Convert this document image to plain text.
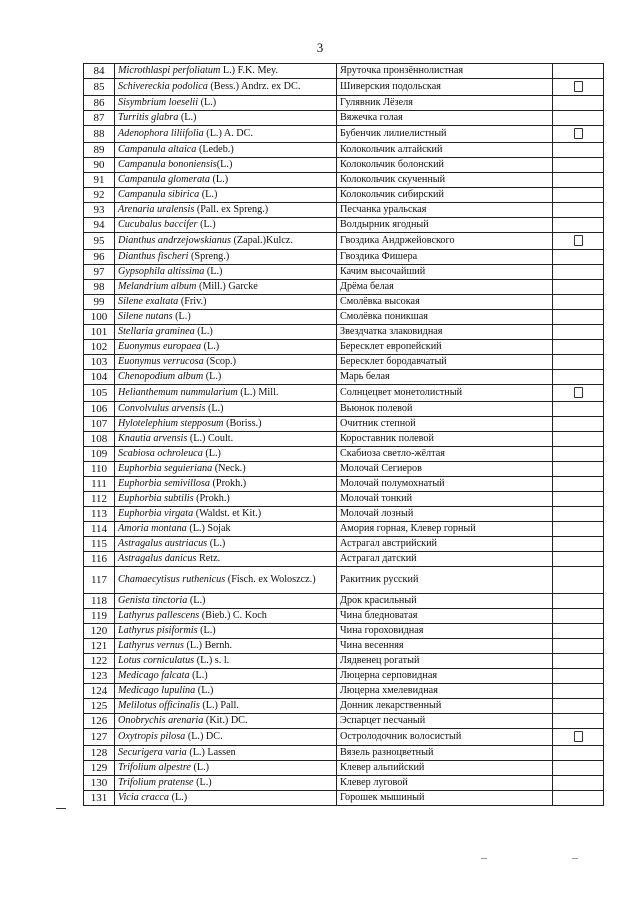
3
84	Microthlaspi perfoliatum L.) F.K. Mey.	Ярутoчка пронзённолистная	
85	Schivereckia podolica (Bess.) Andrz. ex DC.	Шиверския подольская	
86	Sisymbrium loeselii (L.)	Гулявник Лёзеля	
87	Turritis glabra (L.)	Вяжечка голая	
88	Adenophora liliifolia (L.) A. DC.	Бубенчик лилиелистный	
89	Campanula altaica (Ledeb.)	Колокольчик алтайский	
90	Campanula bononiensis(L.)	Колокольчик болонский	
91	Campanula glomerata (L.)	Колокольчик скученный	
92	Campanula sibirica (L.)	Колокольчик сибирский	
93	Arenaria uralensis (Pall. ex Spreng.)	Песчанка уральская	
94	Cucubalus baccifer (L.)	Волдырник ягодный	
95	Dianthus andrzejowskianus (Zapal.)Kulcz.	Гвоздика Андржейовского	
96	Dianthus fischeri (Spreng.)	Гвоздика Фишера	
97	Gypsophila altissima (L.)	Качим высочайший	
98	Melandrium album (Mill.) Garcke	Дрёма белая	
99	Silene exaltata (Friv.)	Смолёвка высокая	
100	Silene nutans (L.)	Смолёвка поникшая	
101	Stellaria graminea (L.)	Звездчатка злаковидная	
102	Euonymus europaea (L.)	Бересклет европейский	
103	Euonymus verrucosa (Scop.)	Бересклет бородавчатый	
104	Chenopodium album (L.)	Марь белая	
105	Helianthemum nummularium (L.) Mill.	Солнцецвет монетолистный	
106	Convolvulus arvensis (L.)	Вьюнок полевой	
107	Hylotelephium stepposum (Boriss.)	Очитник степной	
108	Knautia arvensis (L.) Coult.	Короставник полевой	
109	Scabiosa ochroleuca (L.)	Скабиоза светло-жёлтая	
110	Euphorbia seguieriana (Neck.)	Молочай Сегиеров	
111	Euphorbia semivillosa (Prokh.)	Молочай полумохнатый	
112	Euphorbia subtilis (Prokh.)	Молочай тонкий	
113	Euphorbia virgata (Waldst. et Kit.)	Молочай лозный	
114	Amoria montana (L.) Sojak	Амория горная, Клевер горный	
115	Astragalus austriacus (L.)	Астрагал австрийский	
116	Astragalus danicus Retz.	Астрагал датский	
117	Chamaecytisus ruthenicus (Fisch. ex Woloszcz.)	Ракитник русский	
118	Genista tinctoria (L.)	Дрок красильный	
119	Lathyrus pallescens (Bieb.) C. Koch	Чина бледноватая	
120	Lathyrus pisiformis (L.)	Чина гороховидная	
121	Lathyrus vernus (L.) Bernh.	Чина весенняя	
122	Lotus corniculatus (L.) s. l.	Лядвенец рогатый	
123	Medicago falcata (L.)	Люцерна серповидная	
124	Medicago lupulina (L.)	Люцерна хмелевидная	
125	Melilotus officinalis (L.) Pall.	Донник лекарственный	
126	Onobrychis arenaria (Kit.) DC.	Эспарцет песчаный	
127	Oxytropis pilosa (L.) DC.	Остролодочник волосистый	
128	Securigera varia (L.) Lassen	Вязель разноцветный	
129	Trifolium alpestre (L.)	Клевер альпийский	
130	Trifolium pratense (L.)	Клевер луговой	
131	Vicia cracca (L.)	Горошек мышиный	
